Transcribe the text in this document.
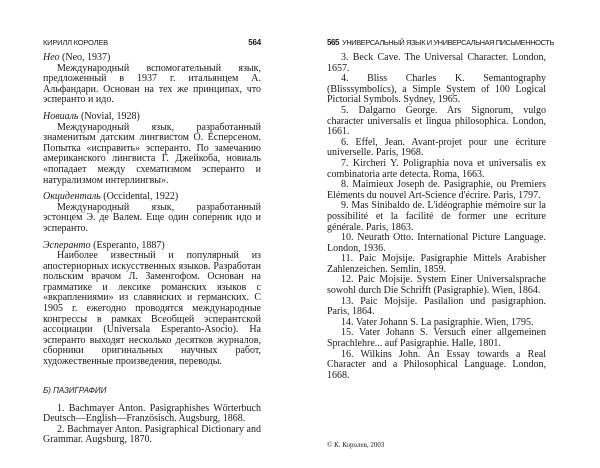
КИРИЛЛ КОРОЛЕВ	564
Нео (Neo, 1937)
Международный вспомогательный язык, предложенный в 1937 г. итальянцем А. Альфандари. Основан на тех же принципах, что эсперанто и идо.
Новиаль (Novial, 1928)
Международный язык, разработанный знаменитым датским лингвистом О. Есперсеном. Попытка «исправить» эсперанто. По замечанию американского лингвиста Г. Джейкоба, новиаль «попадает между схематизмом эсперанто и натурализмом интерлингвы».
Окциденталь (Occidental, 1922)
Международный язык, разработанный эстонцем Э. де Валем. Еще один соперник идо и эсперанто.
Эсперанто (Esperanto, 1887)
Наиболее известный и популярный из апостериорных искусственных языков. Разработан польским врачом Л. Заменгофом. Основан на грамматике и лексике романских языков с «вкраплениями» из славянских и германских. С 1905 г. ежегодно проводятся международные конгрессы в рамках Всеобщей эсперантской ассоциации (Universala Esperanto-Asocio). На эсперанто выходят несколько десятков журналов, сборники оригинальных научных работ, художественные произведения, переводы.
Б) ПАЗИГРАФИИ
1. Bachmayer Anton. Pasigraphishes Wörterbuch Deutsch—English—Französisch. Augsburg, 1868.
2. Bachmayer Anton. Pasigraphical Dictionary and Grammar. Augsburg, 1870.
565 УНИВЕРСАЛЬНЫЙ ЯЗЫК И УНИВЕРСАЛЬНАЯ ПИСЬМЕННОСТЬ
3. Beck Cave. The Universal Character. London, 1657.
4. Bliss Charles K. Semantography (Blisssymbolics), a Simple System of 100 Logical Pictorial Symbols. Sydney, 1965.
5. Dalgarno George. Ars Signorum, vulgo character universalis et lingua philosophica. London, 1661.
6. Effel, Jean. Avant-projet pour une écriture universelle. Paris, 1968.
7. Kircheri Y. Poligraphia nova et universalis ex combinatoria arte detecta. Roma, 1663.
8. Maimieux Joseph de. Pasigraphie, ou Premiers Eléments du nouvel Art-Science d'écrire. Paris, 1797.
9. Mas Sinibaldo de. L'idéographie mémoire sur la possibilité et la facilité de former une ecriture générale. Paris, 1863.
10. Neurath Otto. International Picture Language. London, 1936.
11. Paic Mojsije. Pasigraphie Mittels Arabisher Zahlenzeichen. Semlin, 1859.
12. Paic Mojsije. System Einer Universalsprache sowohl durch Die Schrifft (Pasigraphie). Wien, 1864.
13. Paic Mojsije. Pasilalion und pasigraphion. Paris, 1864.
14. Vater Johann S. La pasigraphie. Wien, 1795.
15. Vater Johann S. Versuch einer allgemeinen Sprachlehre... auf Pasigraphie. Halle, 1801.
16. Wilkins John. An Essay towards a Real Character and a Philosophical Language. London, 1668.
© К. Королев, 2003
